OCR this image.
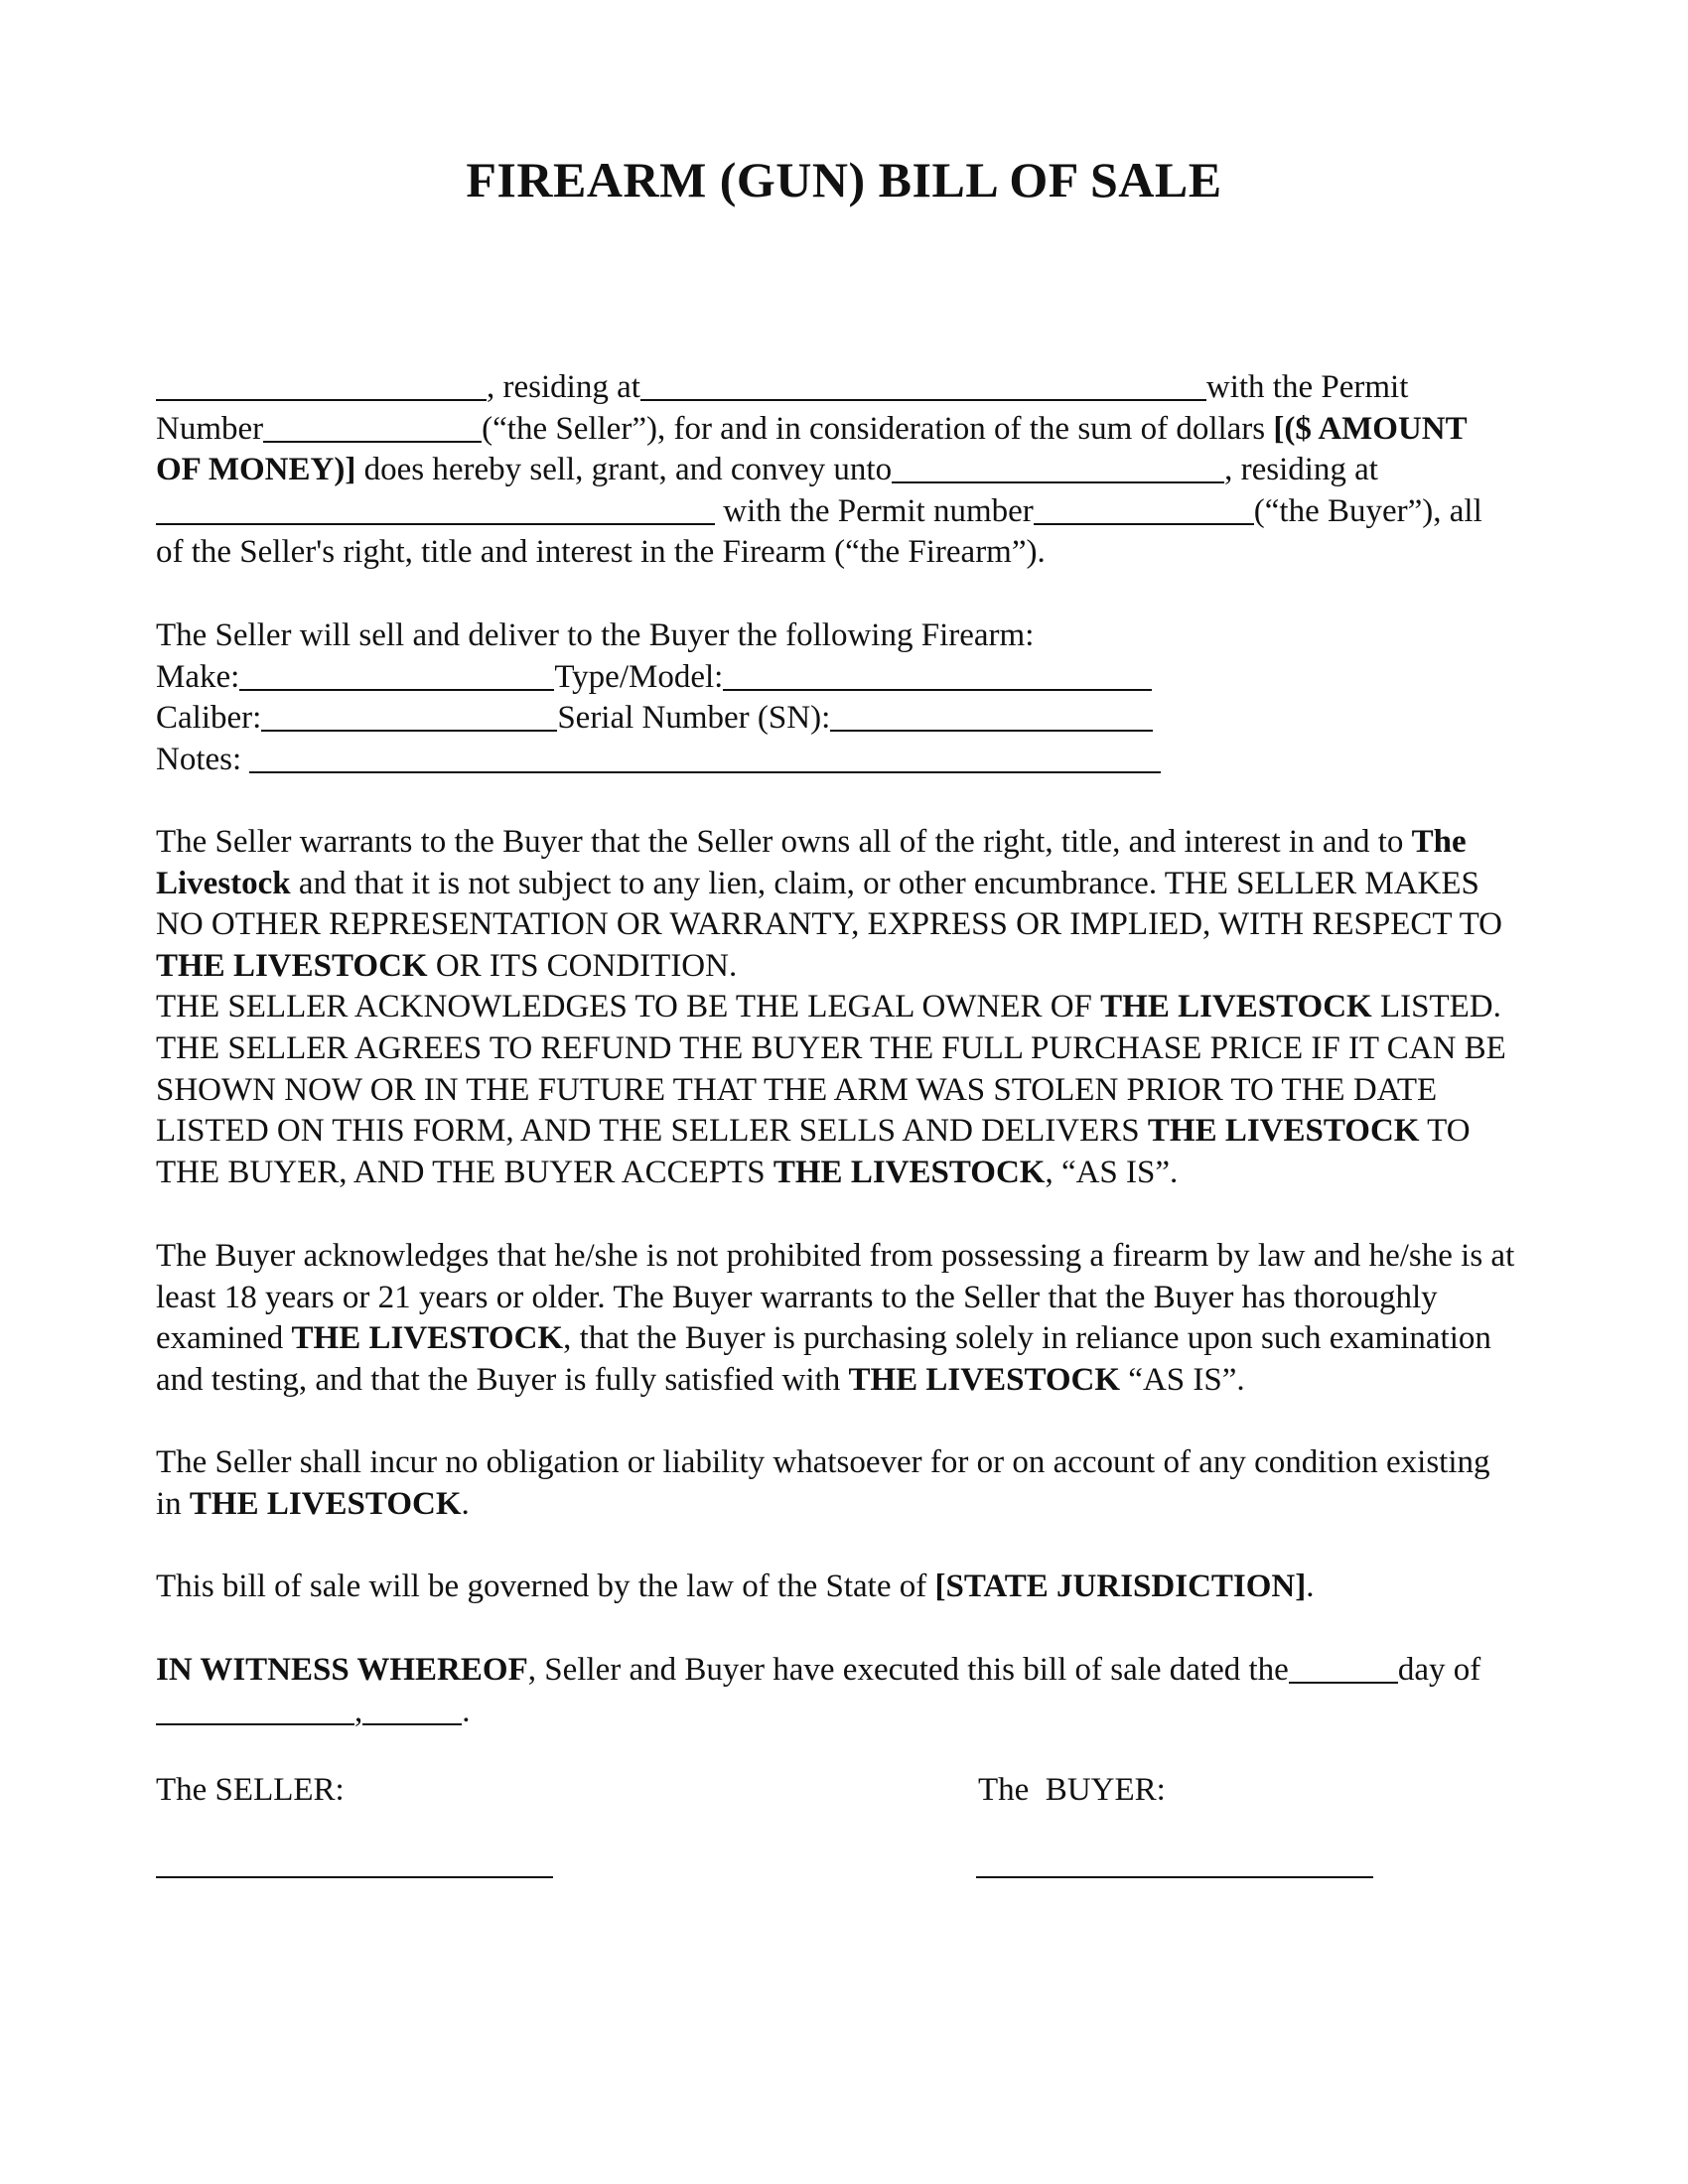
FIREARM (GUN) BILL OF SALE
, residing at	with the Permit
Number	(“the Seller”), for and in consideration of the sum of dollars [($ AMOUNT
OF MONEY)] does hereby sell, grant, and convey unto	, residing at
with the Permit number	(“the Buyer”), all
of the Seller's right, title and interest in the Firearm (“the Firearm”).
The Seller will sell and deliver to the Buyer the following Firearm:
Make:	Type/Model:
Caliber:	Serial Number (SN):
Notes:
The Seller warrants to the Buyer that the Seller owns all of the right, title, and interest in and to The
Livestock and that it is not subject to any lien, claim, or other encumbrance. THE SELLER MAKES
NO OTHER REPRESENTATION OR WARRANTY, EXPRESS OR IMPLIED, WITH RESPECT TO
THE LIVESTOCK OR ITS CONDITION.
THE SELLER ACKNOWLEDGES TO BE THE LEGAL OWNER OF THE LIVESTOCK LISTED.
THE SELLER AGREES TO REFUND THE BUYER THE FULL PURCHASE PRICE IF IT CAN BE
SHOWN NOW OR IN THE FUTURE THAT THE ARM WAS STOLEN PRIOR TO THE DATE
LISTED ON THIS FORM, AND THE SELLER SELLS AND DELIVERS THE LIVESTOCK TO
THE BUYER, AND THE BUYER ACCEPTS THE LIVESTOCK, “AS IS”.
The Buyer acknowledges that he/she is not prohibited from possessing a firearm by law and he/she is at
least 18 years or 21 years or older. The Buyer warrants to the Seller that the Buyer has thoroughly
examined THE LIVESTOCK, that the Buyer is purchasing solely in reliance upon such examination
and testing, and that the Buyer is fully satisfied with THE LIVESTOCK “AS IS”.
The Seller shall incur no obligation or liability whatsoever for or on account of any condition existing
in THE LIVESTOCK.
This bill of sale will be governed by the law of the State of [STATE JURISDICTION].
IN WITNESS WHEREOF, Seller and Buyer have executed this bill of sale dated the	day of
,	.
The SELLER:	The  BUYER:
